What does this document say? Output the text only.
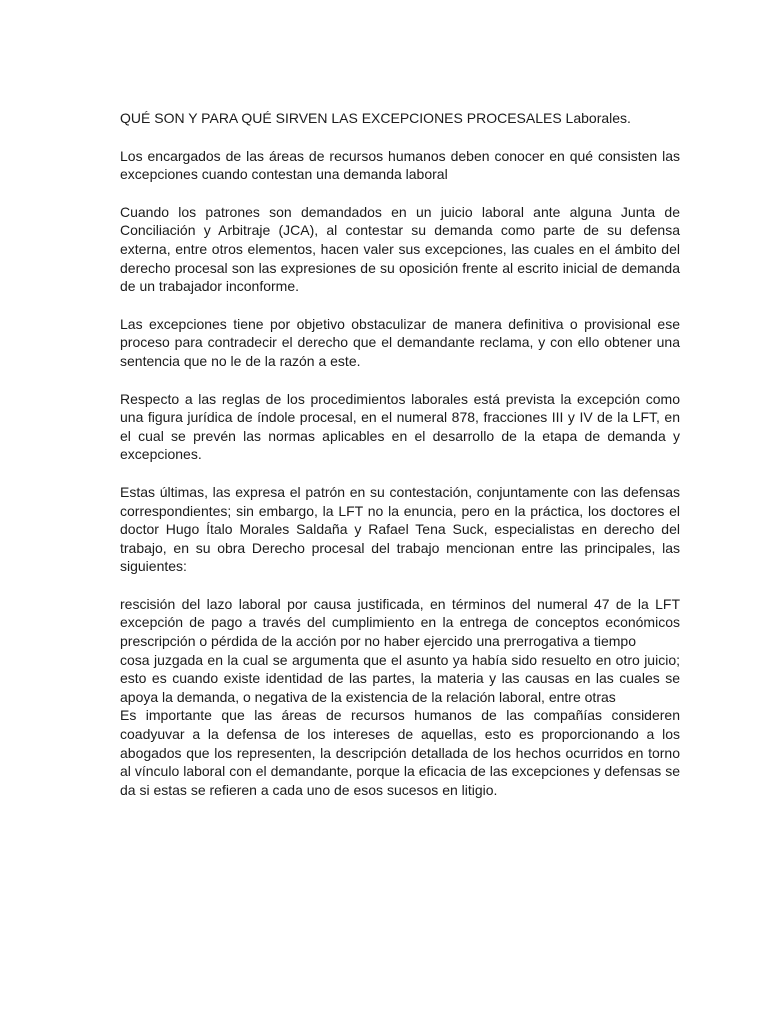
QUÉ SON Y PARA QUÉ SIRVEN LAS EXCEPCIONES PROCESALES Laborales.

Los encargados de las áreas de recursos humanos deben conocer en qué consisten las excepciones cuando contestan una demanda laboral

Cuando los patrones son demandados en un juicio laboral ante alguna Junta de Conciliación y Arbitraje (JCA), al contestar su demanda como parte de su defensa externa, entre otros elementos, hacen valer sus excepciones, las cuales en el ámbito del derecho procesal son las expresiones de su oposición frente al escrito inicial de demanda de un trabajador inconforme.

Las excepciones tiene por objetivo obstaculizar de manera definitiva o provisional ese proceso para contradecir el derecho que el demandante reclama, y con ello obtener una sentencia que no le de la razón a este.

Respecto a las reglas de los procedimientos laborales está prevista la excepción como una figura jurídica de índole procesal, en el numeral 878, fracciones III y IV de la LFT, en el cual se prevén las normas aplicables en el desarrollo de la etapa de demanda y excepciones.

Estas últimas, las expresa el patrón en su contestación, conjuntamente con las defensas correspondientes; sin embargo, la LFT no la enuncia, pero en la práctica, los doctores el doctor Hugo Ítalo Morales Saldaña y Rafael Tena Suck, especialistas en derecho del trabajo, en su obra Derecho procesal del trabajo mencionan entre las principales, las siguientes:

rescisión del lazo laboral por causa justificada, en términos del numeral 47 de la LFT excepción de pago a través del cumplimiento en la entrega de conceptos económicos prescripción o pérdida de la acción por no haber ejercido una prerrogativa a tiempo

cosa juzgada en la cual se argumenta que el asunto ya había sido resuelto en otro juicio; esto es cuando existe identidad de las partes, la materia y las causas en las cuales se apoya la demanda, o negativa de la existencia de la relación laboral, entre otras

Es importante que las áreas de recursos humanos de las compañías consideren coadyuvar a la defensa de los intereses de aquellas, esto es proporcionando a los abogados que los representen, la descripción detallada de los hechos ocurridos en torno al vínculo laboral con el demandante, porque la eficacia de las excepciones y defensas se da si estas se refieren a cada uno de esos sucesos en litigio.
